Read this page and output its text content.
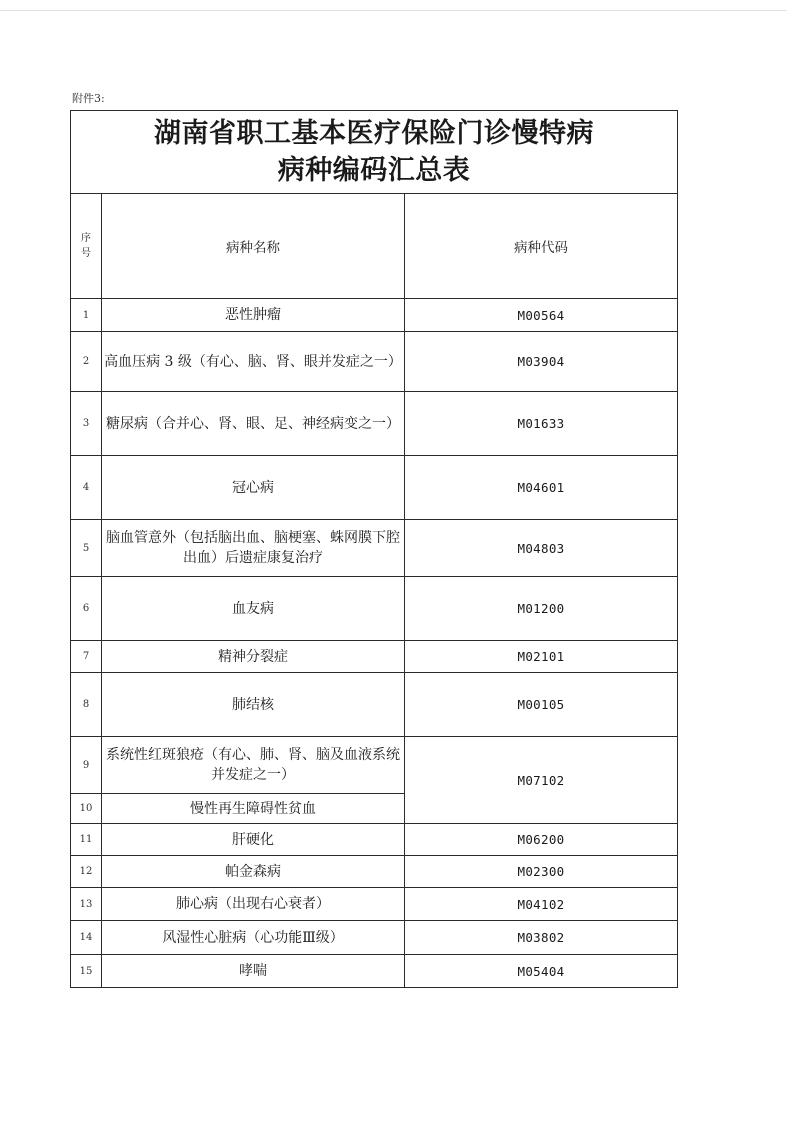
附件3:
湖南省职工基本医疗保险门诊慢特病
病种编码汇总表		

序
号	病种名称	病种代码
1	恶性肿瘤	M00564
2	高血压病 3 级（有心、脑、肾、眼并发症之一）	M03904
3	糖尿病（合并心、肾、眼、足、神经病变之一）	M01633
4	冠心病	M04601
5	脑血管意外（包括脑出血、脑梗塞、蛛网膜下腔 出血）后遗症康复治疗	M04803
6	血友病	M01200
7	精神分裂症	M02101
8	肺结核	M00105
9	系统性红斑狼疮（有心、肺、肾、脑及血液系统 并发症之一）	M07102
10	慢性再生障碍性贫血	
11	肝硬化	M06200
12	帕金森病	M02300
13	肺心病（出现右心衰者）	M04102
14	风湿性心脏病（心功能Ⅲ级）	M03802
15	哮喘	M05404
